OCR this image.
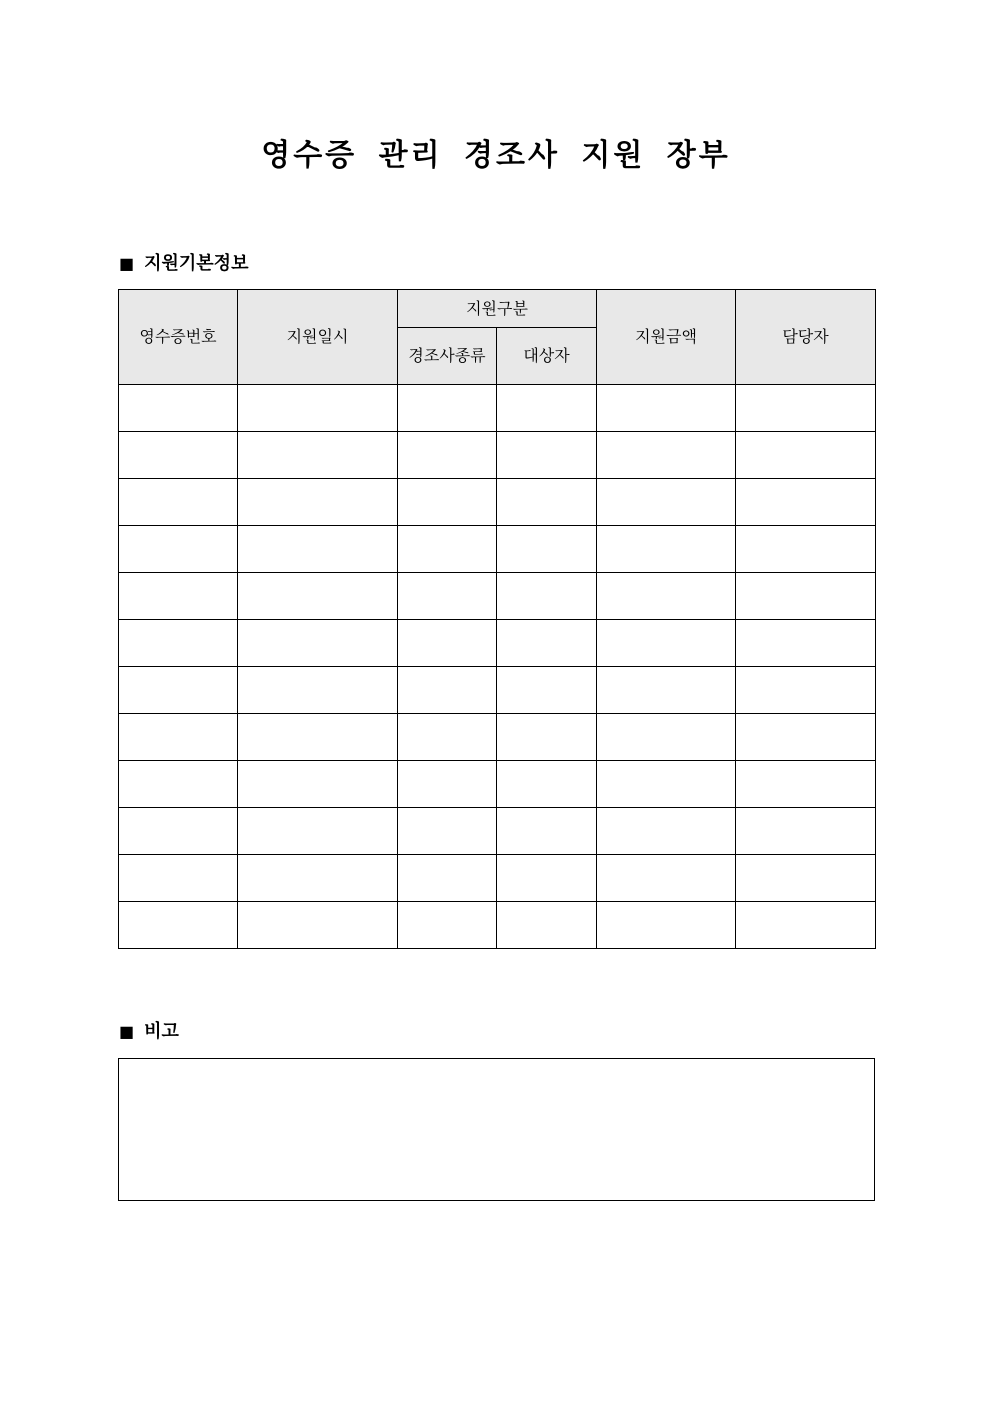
영수증 관리 경조사 지원 장부
■ 지원기본정보
영수증번호	지원일시	지원구분		지원금액	담당자
		경조사종류	대상자		

■ 비고
